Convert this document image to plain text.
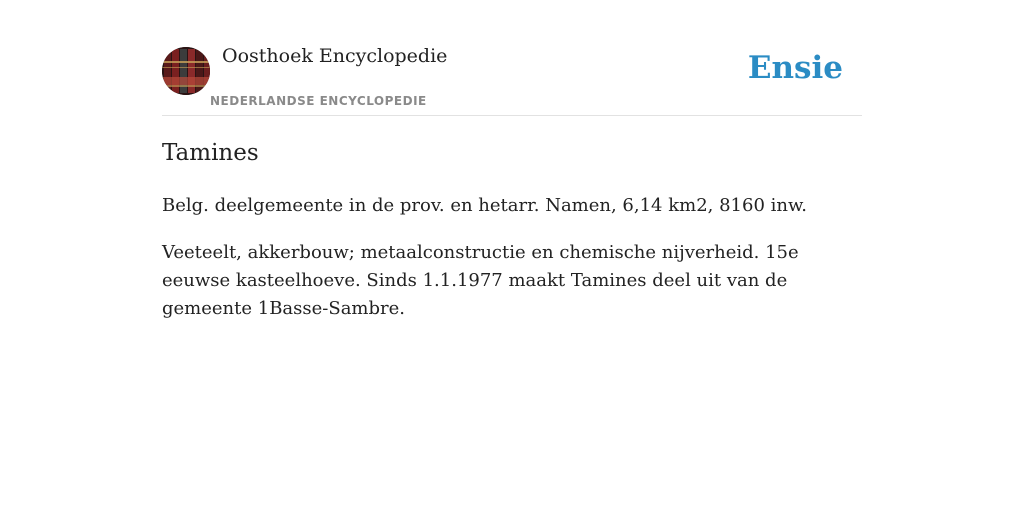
Oosthoek Encyclopedie
NEDERLANDSE ENCYCLOPEDIE
Ensie
Tamines

Belg. deelgemeente in de prov. en hetarr. Namen, 6,14 km2, 8160 inw.

Veeteelt, akkerbouw; metaalconstructie en chemische nijverheid. 15e eeuwse kasteelhoeve. Sinds 1.1.1977 maakt Tamines deel uit van de gemeente 1Basse-Sambre.
